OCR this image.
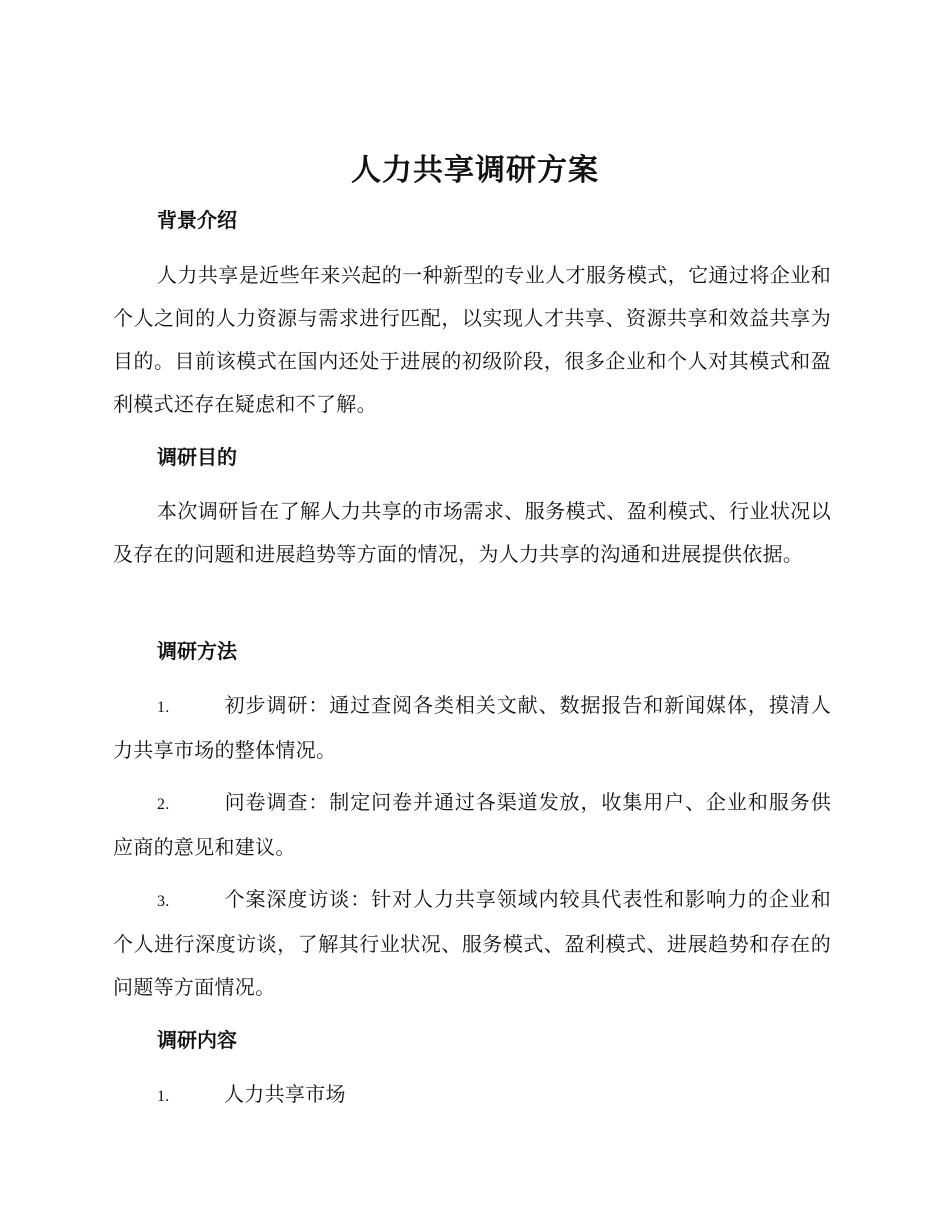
人力共享调研方案
背景介绍
人力共享是近些年来兴起的一种新型的专业人才服务模式，它通过将企业和个人之间的人力资源与需求进行匹配，以实现人才共享、资源共享和效益共享为目的。目前该模式在国内还处于进展的初级阶段，很多企业和个人对其模式和盈利模式还存在疑虑和不了解。
调研目的
本次调研旨在了解人力共享的市场需求、服务模式、盈利模式、行业状况以及存在的问题和进展趋势等方面的情况，为人力共享的沟通和进展提供依据。
调研方法
1.	初步调研：通过查阅各类相关文献、数据报告和新闻媒体，摸清人力共享市场的整体情况。
2.	问卷调查：制定问卷并通过各渠道发放，收集用户、企业和服务供应商的意见和建议。
3.	个案深度访谈：针对人力共享领域内较具代表性和影响力的企业和个人进行深度访谈，了解其行业状况、服务模式、盈利模式、进展趋势和存在的问题等方面情况。
调研内容
1.	人力共享市场
